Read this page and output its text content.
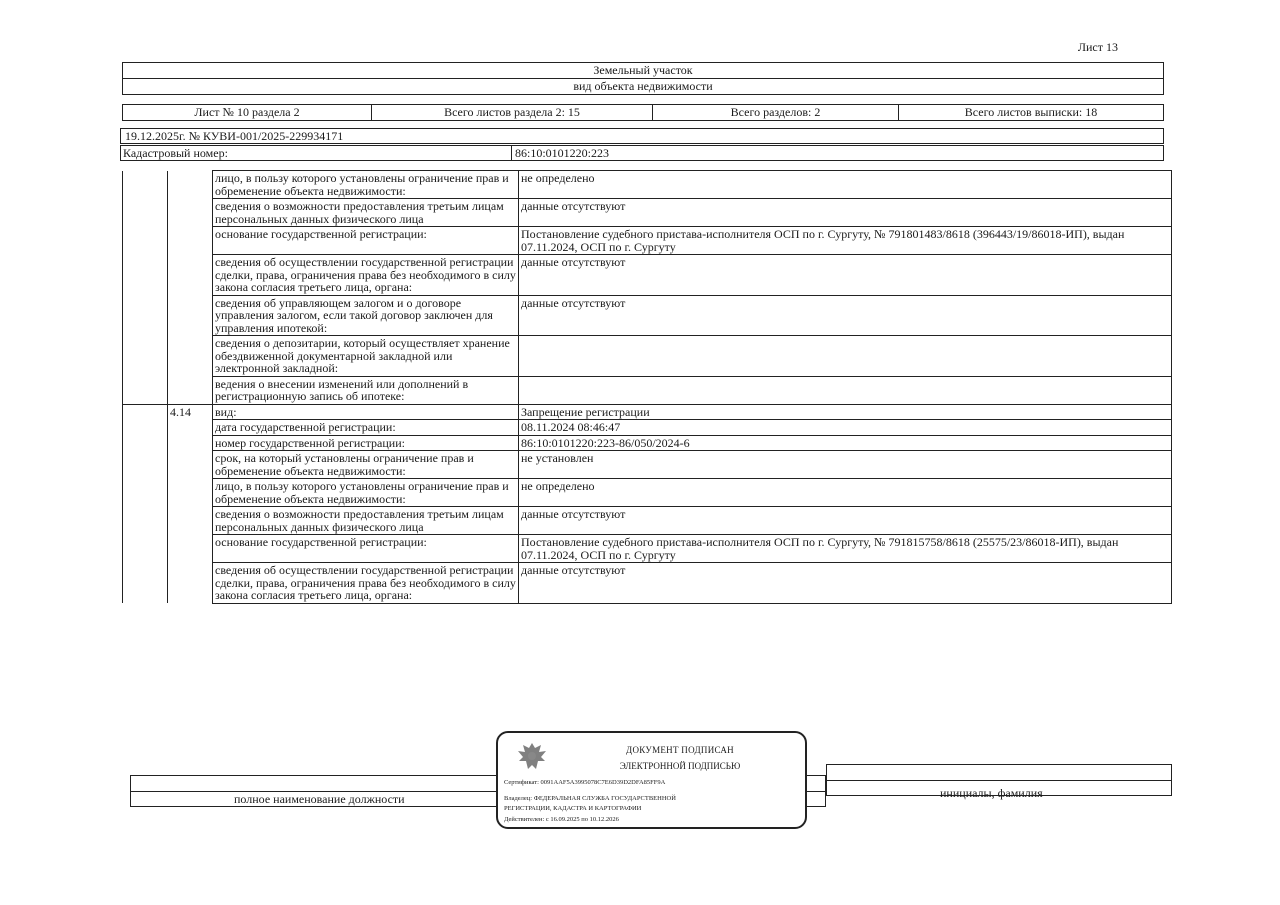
Лист 13
Земельный участок
вид объекта недвижимости
Лист № 10 раздела 2	Всего листов раздела 2: 15	Всего разделов: 2	Всего листов выписки: 18
19.12.2025г. № КУВИ-001/2025-229934171
Кадастровый номер:	86:10:0101220:223
		лицо, в пользу которого установлены ограничение прав и обременение объекта недвижимости:	не определено
		сведения о возможности предоставления третьим лицам персональных данных физического лица	данные отсутствуют
		основание государственной регистрации:	Постановление судебного пристава-исполнителя ОСП по г. Сургуту, № 791801483/8618 (396443/19/86018-ИП), выдан 07.11.2024, ОСП по г. Сургуту
		сведения об осуществлении государственной регистрации сделки, права, ограничения права без необходимого в силу закона согласия третьего лица, органа:	данные отсутствуют
		сведения об управляющем залогом и о договоре управления залогом, если такой договор заключен для управления ипотекой:	данные отсутствуют
		сведения о депозитарии, который осуществляет хранение обездвиженной документарной закладной или электронной закладной:	
		ведения о внесении изменений или дополнений в регистрационную запись об ипотеке:	
	4.14	вид:	Запрещение регистрации
		дата государственной регистрации:	08.11.2024 08:46:47
		номер государственной регистрации:	86:10:0101220:223-86/050/2024-6
		срок, на который установлены ограничение прав и обременение объекта недвижимости:	не установлен
		лицо, в пользу которого установлены ограничение прав и обременение объекта недвижимости:	не определено
		сведения о возможности предоставления третьим лицам персональных данных физического лица	данные отсутствуют
		основание государственной регистрации:	Постановление судебного пристава-исполнителя ОСП по г. Сургуту, № 791815758/8618 (25575/23/86018-ИП), выдан 07.11.2024, ОСП по г. Сургуту
		сведения об осуществлении государственной регистрации сделки, права, ограничения права без необходимого в силу закона согласия третьего лица, органа:	данные отсутствуют
полное наименование должности	инициалы, фамилия
ДОКУМЕНТ ПОДПИСАН
ЭЛЕКТРОННОЙ ПОДПИСЬЮ
Сертификат: 0091AAF5A3995078C7E6D39D2DFA85FF9A
Владелец: ФЕДЕРАЛЬНАЯ СЛУЖБА ГОСУДАРСТВЕННОЙ
РЕГИСТРАЦИИ, КАДАСТРА И КАРТОГРАФИИ
Действителен: с 16.09.2025 по 10.12.2026
